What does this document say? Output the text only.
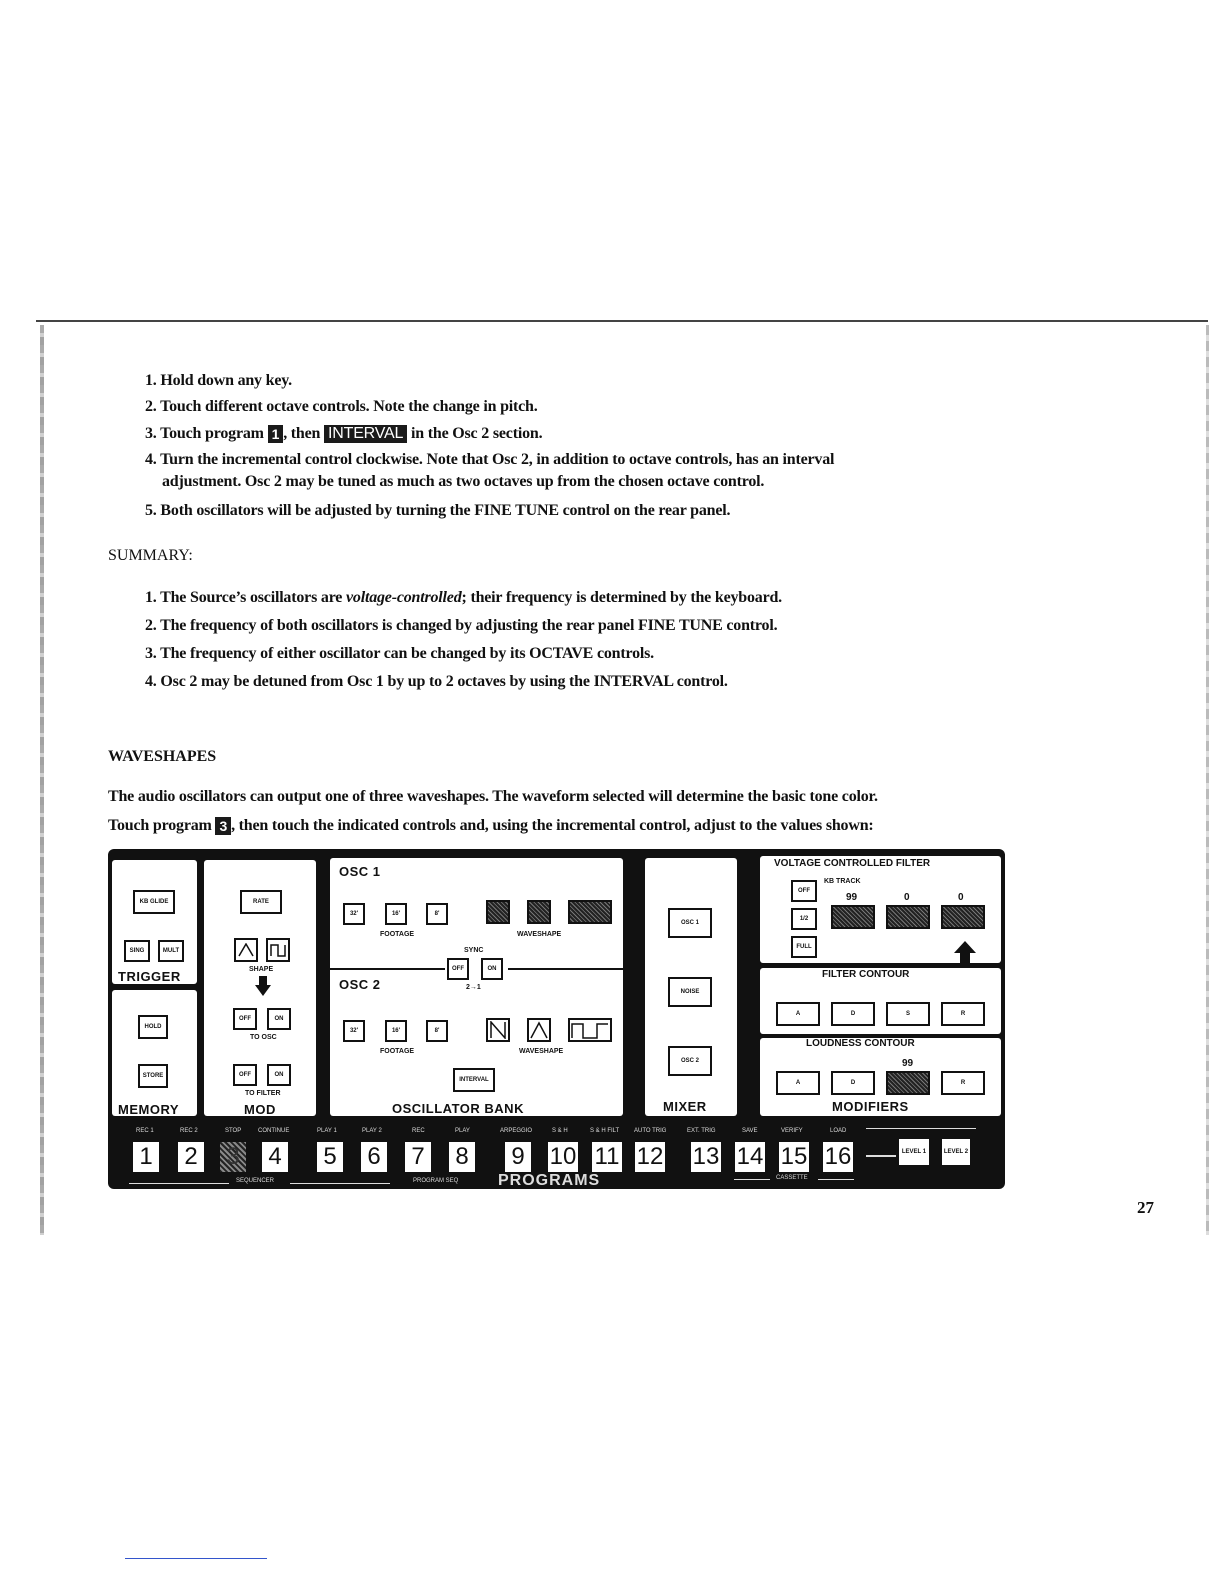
1. Hold down any key.
2. Touch different octave controls. Note the change in pitch.
3. Touch program 1 , then INTERVAL in the Osc 2 section.
4. Turn the incremental control clockwise. Note that Osc 2, in addition to octave controls, has an interval
adjustment. Osc 2 may be tuned as much as two octaves up from the chosen octave control.
5. Both oscillators will be adjusted by turning the FINE TUNE control on the rear panel.
SUMMARY:
1. The Source’s oscillators are voltage-controlled; their frequency is determined by the keyboard.
2. The frequency of both oscillators is changed by adjusting the rear panel FINE TUNE control.
3. The frequency of either oscillator can be changed by its OCTAVE controls.
4. Osc 2 may be detuned from Osc 1 by up to 2 octaves by using the INTERVAL control.
WAVESHAPES
The audio oscillators can output one of three waveshapes. The waveform selected will determine the basic tone color.
Touch program 3 , then touch the indicated controls and, using the incremental control, adjust to the values shown:
KB GLIDE
SING	MULT
TRIGGER
HOLD
STORE
MEMORY
RATE
SHAPE
OFF	ON
TO OSC
OFF	ON
TO FILTER
MOD
OSC 1
32'	16'	8'
FOOTAGE	WAVESHAPE
SYNC
OFF	ON
2→1
OSC 2
32'	16'	8'
FOOTAGE	WAVESHAPE
INTERVAL
OSCILLATOR BANK
OSC 1
NOISE
OSC 2
MIXER
VOLTAGE CONTROLLED FILTER
OFF
KB TRACK
1/2
FULL
99	0	0
FILTER CONTOUR
A	D	S	R
LOUDNESS CONTOUR
99
A	D	R
MODIFIERS
REC 1	REC 2	STOP	CONTINUE	PLAY 1	PLAY 2	REC	PLAY	ARPEGGIO	S & H	S & H FILT AUTO TRIG	EXT. TRIG	SAVE	VERIFY	LOAD
1	2	3	4	5	6	7	8	9	10 11 12 13 14 15 16	LEVEL 1	LEVEL 2
SEQUENCER	PROGRAM SEQ PROGRAMS	CASSETTE
27
